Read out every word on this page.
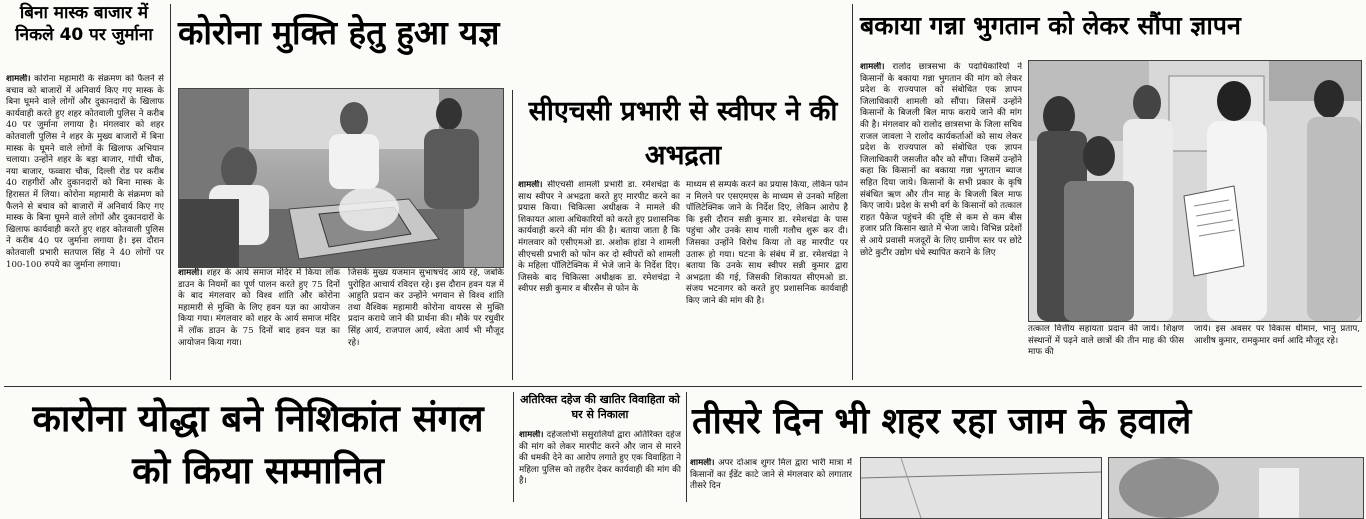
बिना मास्क बाजार में निकले 40 पर जुर्माना
शामली। कोरोना महामारी के संक्रमण को फैलने से बचाव को बाजारों में अनिवार्य किए गए मास्क के बिना घूमने वाले लोगों और दुकानदारों के खिलाफ कार्यवाही करते हुए शहर कोतवाली पुलिस ने करीब 40 पर जुर्माना लगाया है। मंगलवार को शहर कोतवाली पुलिस ने शहर के मुख्य बाजारों में बिना मास्क के घूमने वाले लोगों के खिलाफ अभियान चलाया। उन्होंने शहर के बड़ा बाजार, गांधी चौक, नया बाजार, फव्वारा चौक, दिल्ली रोड पर करीब 40 राहगीरों और दुकानदारों को बिना मास्क के हिरासत में लिया। कोरोना महामारी के संक्रमण को फैलने से बचाव को बाजारों में अनिवार्य किए गए मास्क के बिना घूमने वाले लोगों और दुकानदारों के खिलाफ कार्यवाही करते हुए शहर कोतवाली पुलिस ने करीब 40 पर जुर्माना लगाया है। इस दौरान कोतवाली प्रभारी सतपाल सिंह ने 40 लोगों पर 100-100 रुपये का जुर्माना लगाया।
कोरोना मुक्ति हेतु हुआ यज्ञ
शामली। शहर के आर्य समाज मंदिर में किया लॉक डाउन के नियमों का पूर्ण पालन करते हुए 75 दिनों के बाद मंगलवार को विश्व शांति और कोरोना महामारी से मुक्ति के लिए हवन यज्ञ का आयोजन किया गया। मंगलवार को शहर के आर्य समाज मंदिर में लॉक डाउन के 75 दिनों बाद हवन यज्ञ का आयोजन किया गया।
जिसके मुख्य यजमान सुभाषचंद आर्य रहे, जबकि पुरोहित आचार्य रविदत्त रहे। इस दौरान हवन यज्ञ में आहुति प्रदान कर उन्होंने भगवान से विश्व शांति तथा वैश्विक महामारी कोरोना वायरस से मुक्ति प्रदान कराये जाने की प्रार्थना की। मौके पर रघुवीर सिंह आर्य, राजपाल आर्य, श्वेता आर्य भी मौजूद रहे।
सीएचसी प्रभारी से स्वीपर ने की अभद्रता
शामली। सीएचसी शामली प्रभारी डा. रमेशचंद्रा के साथ स्वीपर ने अभद्रता करते हुए मारपीट करने का प्रयास किया। चिकित्सा अधीक्षक ने मामले की शिकायत आला अधिकारियों को करते हुए प्रशासनिक कार्यवाही करने की मांग की है। बताया जाता है कि मंगलवार को एसीएमओ डा. अशोक हांडा ने शामली सीएचसी प्रभारी को फोन कर दो स्वीपरों को शामली के महिला पॉलिटेक्निक में भेजे जाने के निर्देश दिए। जिसके बाद चिकित्सा अधीक्षक डा. रमेशचंद्रा ने स्वीपर सन्नी कुमार व बीरसैन से फोन के
माध्यम से सम्पर्क करने का प्रयास किया, लेकिन फोन न मिलने पर एसएमएस के माध्यम से उनको महिला पॉलिटेक्निक जाने के निर्देश दिए, लेकिन आरोप है कि इसी दौरान सन्नी कुमार डा. रमेशचंद्रा के पास पहुंचा और उनके साथ गाली गलौच शुरू कर दी। जिसका उन्होंने विरोध किया तो वह मारपीट पर उतारू हो गया। घटना के संबंध में डा. रमेशचंद्रा ने बताया कि उनके साथ स्वीपर सन्नी कुमार द्वारा अभद्रता की गई, जिसकी शिकायत सीएमओ डा. संजय भटनागर को करते हुए प्रशासनिक कार्यवाही किए जाने की मांग की है।
बकाया गन्ना भुगतान को लेकर सौंपा ज्ञापन
शामली। रालोद छात्रसभा के पदाधिकारियों ने किसानों के बकाया गन्ना भुगतान की मांग को लेकर प्रदेश के राज्यपाल को संबोधित एक ज्ञापन जिलाधिकारी शामली को सौंपा। जिसमें उन्होंने किसानों के बिजली बिल माफ कराये जाने की मांग की है। मंगलवार को रालोद छात्रसभा के जिला सचिव राजल जावला ने रालोद कार्यकर्ताओं को साथ लेकर प्रदेश के राज्यपाल को संबोधित एक ज्ञापन जिलाधिकारी जसजीत कौर को सौंपा। जिसमें उन्होंने कहा कि किसानों का बकाया गन्ना भुगतान ब्याज सहित दिया जाये। किसानों के सभी प्रकार के कृषि संबंधित ऋण और तीन माह के बिजली बिल माफ किए जाये। प्रदेश के सभी वर्ग के किसानों को तत्काल राहत पैकेज पहुंचने की दृष्टि से कम से कम बीस हजार प्रति किसान खाते में भेजा जाये। विभिन्न प्रदेशों से आये प्रवासी मजदूरों के लिए ग्रामीण स्तर पर छोटे छोटे कुटीर उद्योग धंधे स्थापित कराने के लिए
तत्काल वित्तीय सहायता प्रदान की जाये। शिक्षण संस्थानों में पढ़ने वाले छात्रों की तीन माह की फीस माफ की
जाये। इस अवसर पर विकास धीमान, भानु प्रताप, आशीष कुमार, रामकुमार वर्मा आदि मौजूद रहे।
कारोना योद्धा बने निशिकांत संगल को किया सम्मानित
अतिरिक्त दहेज की खातिर विवाहिता को घर से निकाला
शामली। दहेजलोभी ससुरालियों द्वारा अतिरिक्त दहेज की मांग को लेकर मारपीट करने और जान से मारने की धमकी देने का आरोप लगाते हुए एक विवाहिता ने महिला पुलिस को तहरीर देकर कार्यवाही की मांग की है।
तीसरे दिन भी शहर रहा जाम के हवाले
शामली। अपर दोआब शुगर मिल द्वारा भारी मात्रा में किसानों का ईंडेंट काटे जाने से मंगलवार को लगातार तीसरे दिन
